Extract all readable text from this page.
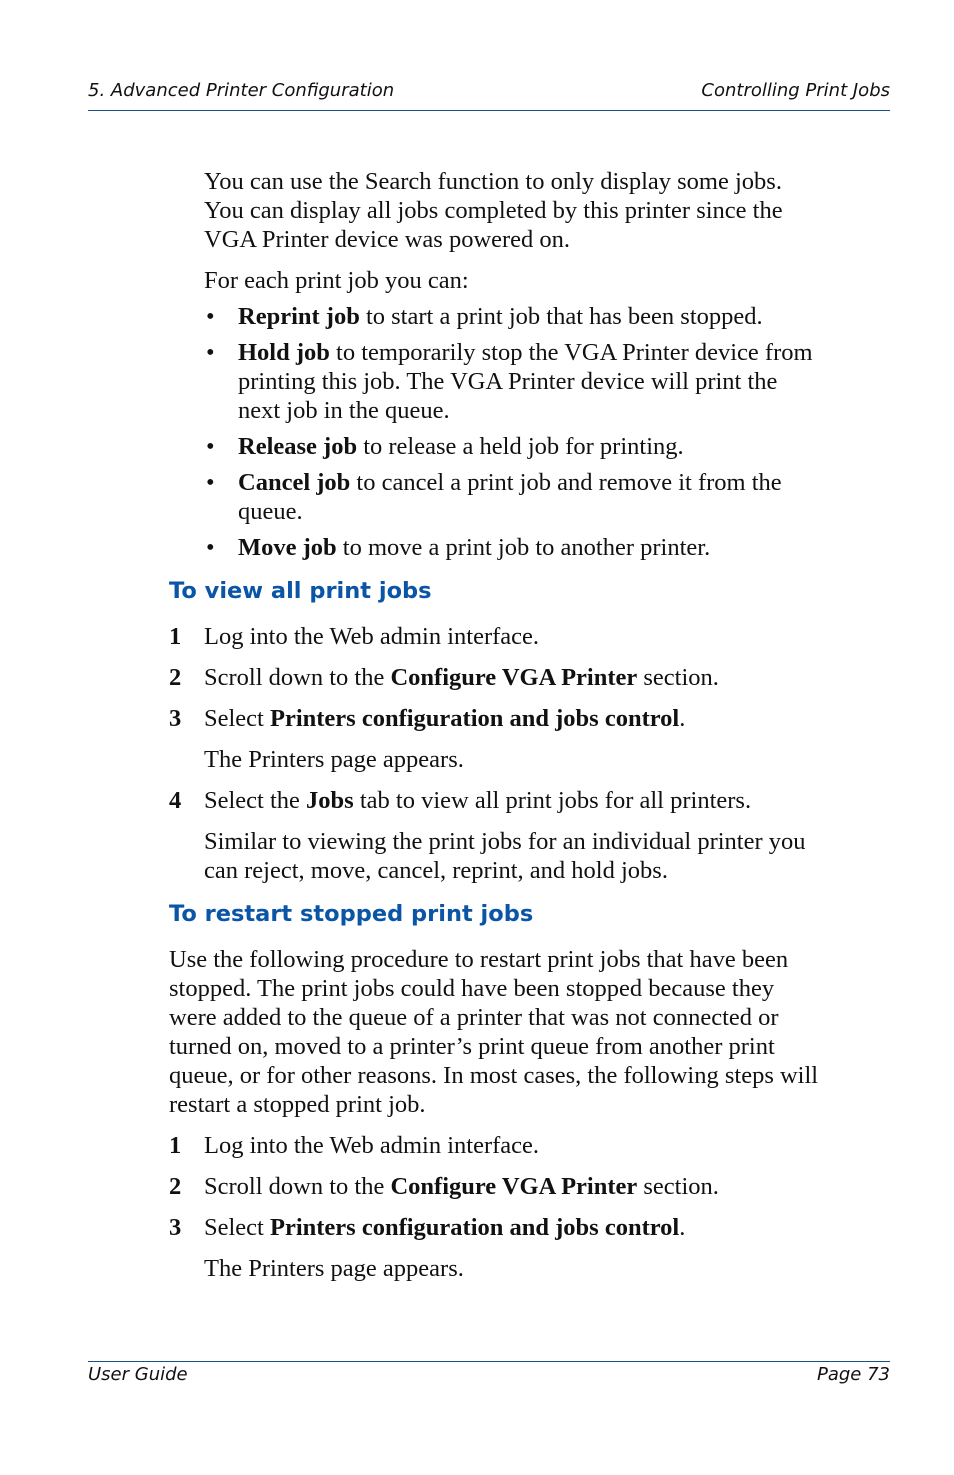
5. Advanced Printer Configuration	Controlling Print Jobs

You can use the Search function to only display some jobs.

You can display all jobs completed by this printer since the

VGA Printer device was powered on.

For each print job you can:

• Reprint job to start a print job that has been stopped.

• Hold job to temporarily stop the VGA Printer device from

printing this job. The VGA Printer device will print the

next job in the queue.

• Release job to release a held job for printing.

• Cancel job to cancel a print job and remove it from the

queue.

• Move job to move a print job to another printer.

To view all print jobs
1 Log into the Web admin interface.

2 Scroll down to the Configure VGA Printer section.

3 Select Printers configuration and jobs control.

The Printers page appears.

4 Select the Jobs tab to view all print jobs for all printers.

Similar to viewing the print jobs for an individual printer you

can reject, move, cancel, reprint, and hold jobs.

To restart stopped print jobs

Use the following procedure to restart print jobs that have been

stopped. The print jobs could have been stopped because they

were added to the queue of a printer that was not connected or

turned on, moved to a printer’s print queue from another print

queue, or for other reasons. In most cases, the following steps will

restart a stopped print job.

1 Log into the Web admin interface.

2 Scroll down to the Configure VGA Printer section.

3 Select Printers configuration and jobs control.

The Printers page appears.

User Guide	Page 73
